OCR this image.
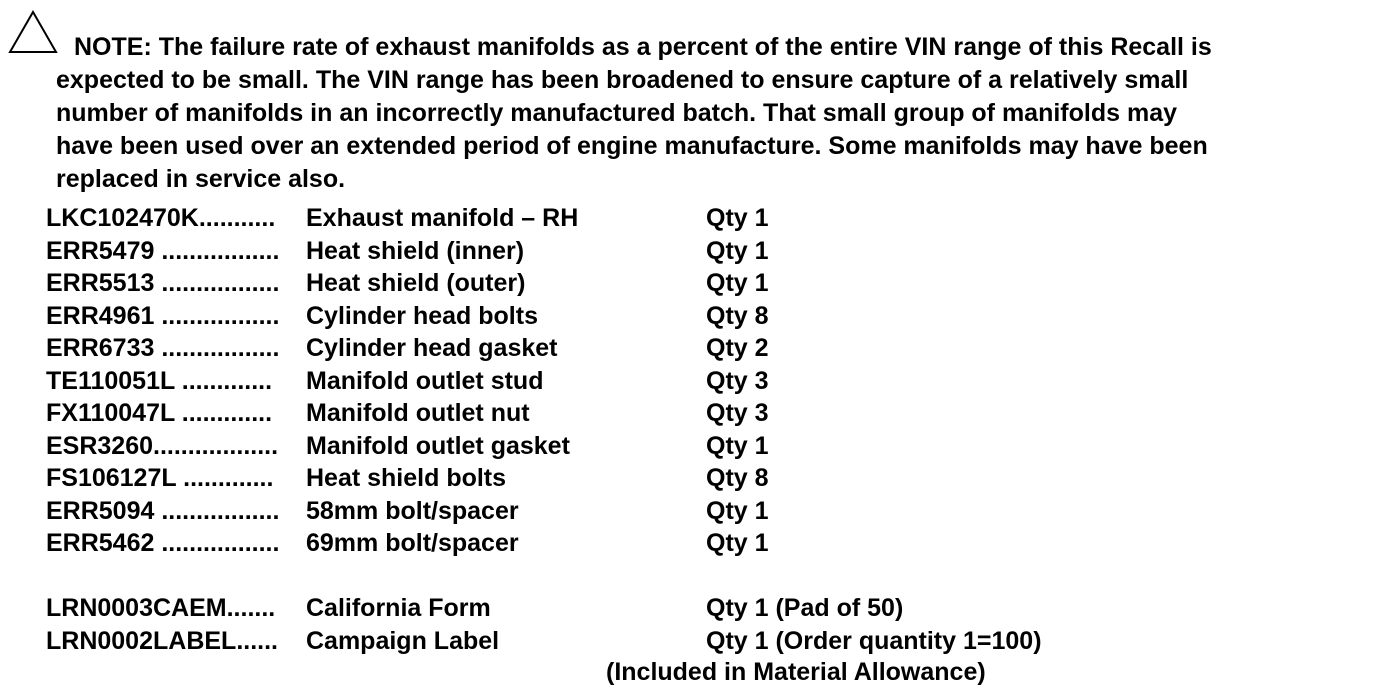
NOTE: The failure rate of exhaust manifolds as a percent of the entire VIN range of this Recall is
expected to be small. The VIN range has been broadened to ensure capture of a relatively small
number of manifolds in an incorrectly manufactured batch. That small group of manifolds may
have been used over an extended period of engine manufacture. Some manifolds may have been
replaced in service also.
LKC102470K........... Exhaust manifold – RH	Qty 1
ERR5479 ................. Heat shield (inner)	Qty 1
ERR5513 ................. Heat shield (outer)	Qty 1
ERR4961 ................. Cylinder head bolts	Qty 8
ERR6733 ................. Cylinder head gasket	Qty 2
TE110051L ............. Manifold outlet stud	Qty 3
FX110047L ............. Manifold outlet nut	Qty 3
ESR3260.................. Manifold outlet gasket	Qty 1
FS106127L ............. Heat shield bolts	Qty 8
ERR5094 ................. 58mm bolt/spacer	Qty 1
ERR5462 ................. 69mm bolt/spacer	Qty 1
LRN0003CAEM....... California Form	Qty 1 (Pad of 50)
LRN0002LABEL...... Campaign Label	Qty 1 (Order quantity 1=100)
(Included in Material Allowance)
